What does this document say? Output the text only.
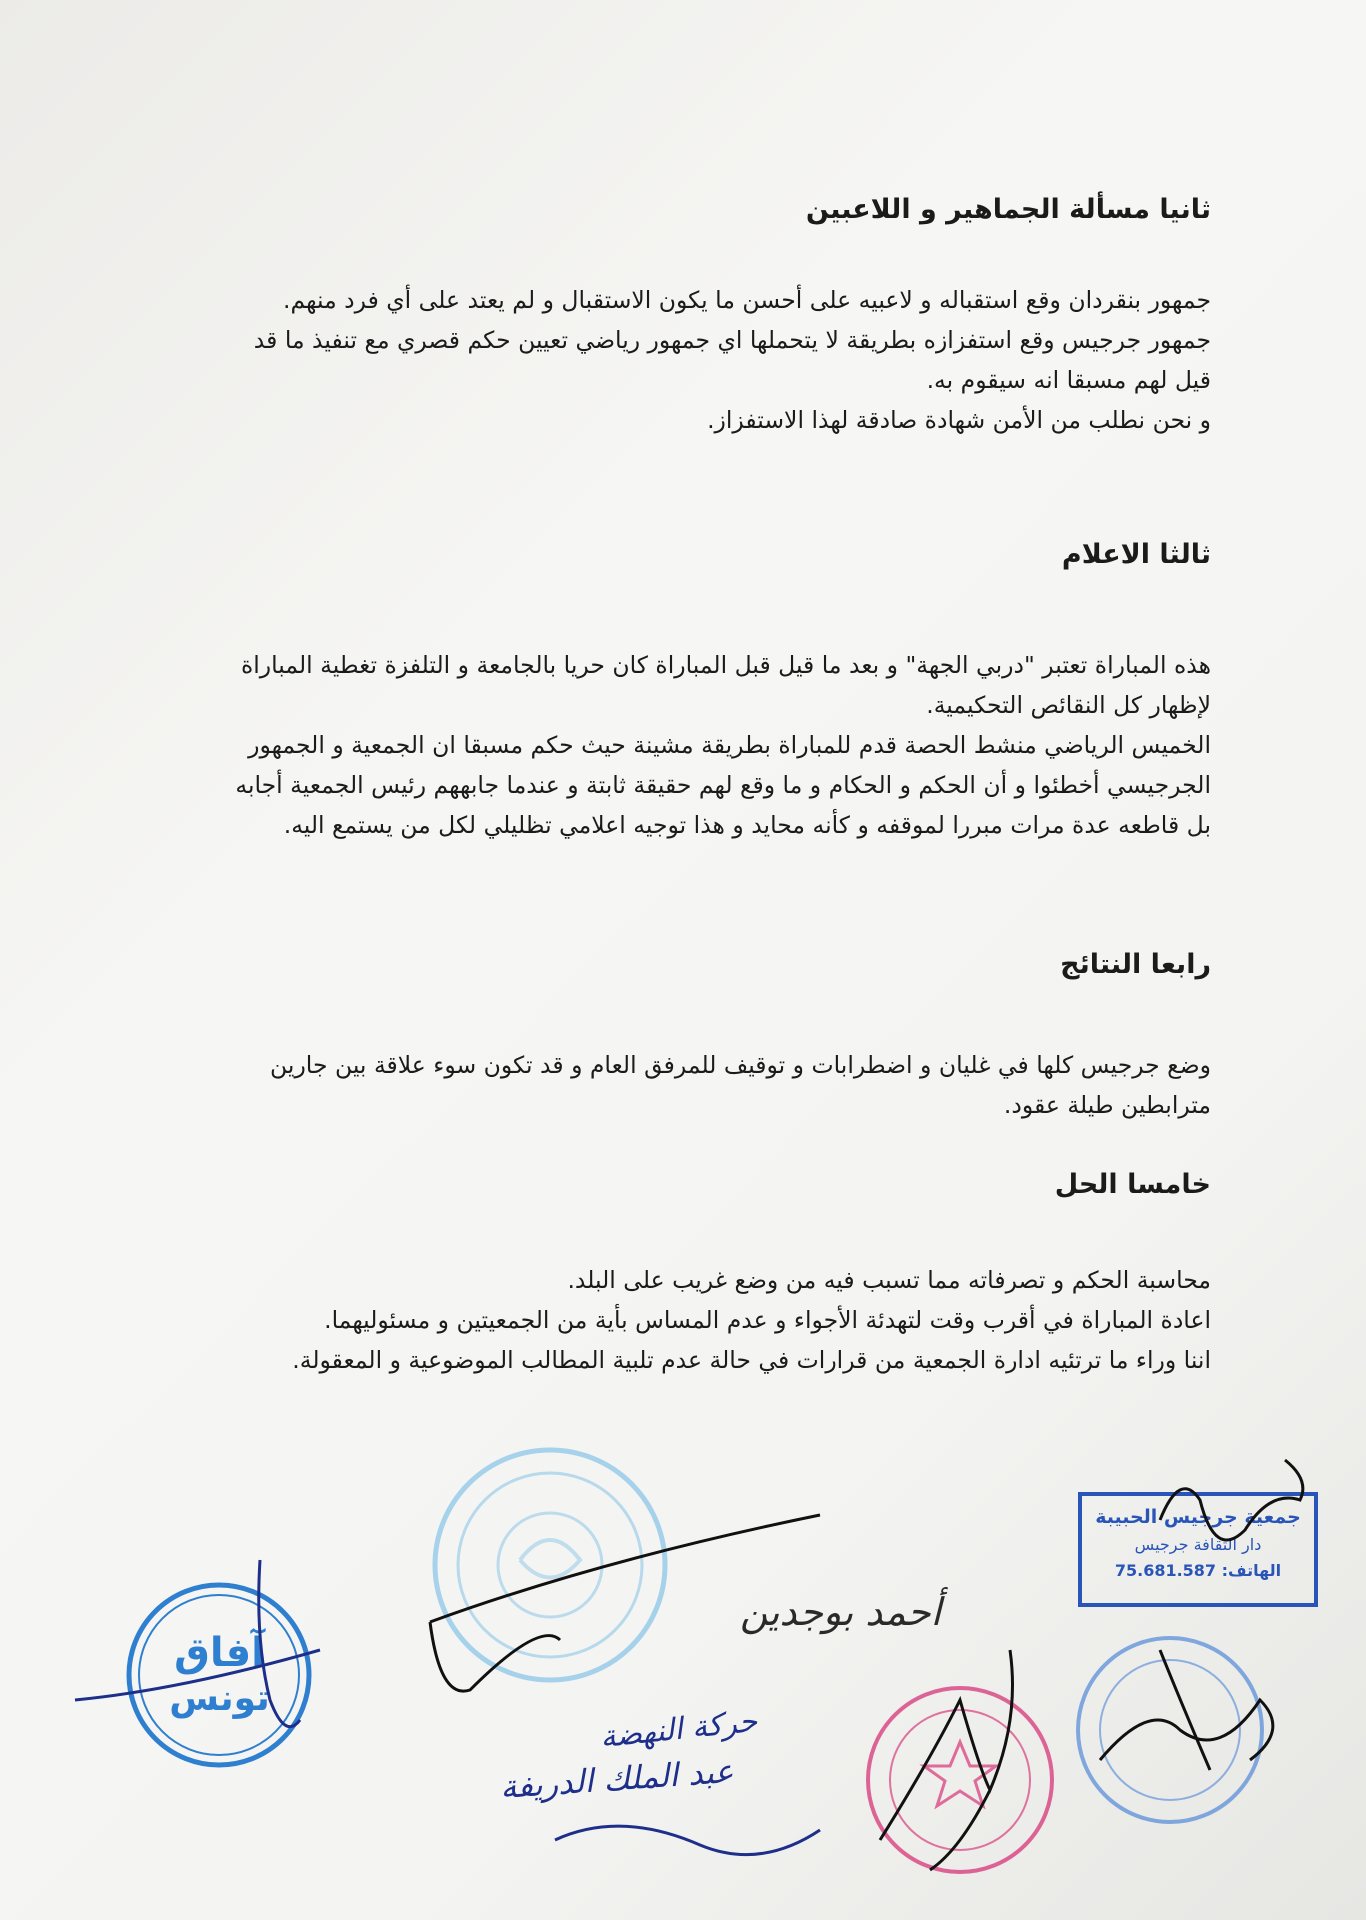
ثانيا مسألة الجماهير و اللاعبين

جمهور بنقردان وقع استقباله و لاعبيه على أحسن ما يكون الاستقبال و لم يعتد على أي فرد منهم.

جمهور جرجيس وقع استفزازه بطريقة لا يتحملها اي جمهور رياضي تعيين حكم قصري مع تنفيذ ما قد قيل لهم مسبقا انه سيقوم به.

و نحن نطلب من الأمن شهادة صادقة لهذا الاستفزاز.

ثالثا الاعلام

هذه المباراة تعتبر "دربي الجهة" و بعد ما قيل قبل المباراة كان حريا بالجامعة و التلفزة تغطية المباراة لإظهار كل النقائص التحكيمية.

الخميس الرياضي منشط الحصة قدم للمباراة بطريقة مشينة حيث حكم مسبقا ان الجمعية و الجمهور الجرجيسي أخطئوا و أن الحكم و الحكام و ما وقع لهم حقيقة ثابتة و عندما جابههم رئيس الجمعية أجابه بل قاطعه عدة مرات مبررا لموقفه و كأنه محايد و هذا توجيه اعلامي تظليلي لكل من يستمع اليه.

رابعا النتائج

وضع جرجيس كلها في غليان و اضطرابات و توقيف للمرفق العام و قد تكون سوء علاقة بين جارين مترابطين طيلة عقود.

خامسا الحل

محاسبة الحكم و تصرفاته مما تسبب فيه من وضع غريب على البلد.

اعادة المباراة في أقرب وقت لتهدئة الأجواء و عدم المساس بأية من الجمعيتين و مسئوليهما.

اننا وراء ما ترتئيه ادارة الجمعية من قرارات في حالة عدم تلبية المطالب الموضوعية و المعقولة.

آفاق
تونس
جمعية جرجيس الحبيبة
دار الثقافة جرجيس
الهاتف: 75.681.587
أحمد بوجدين
حركة النهضة
عبد الملك الدريفة
